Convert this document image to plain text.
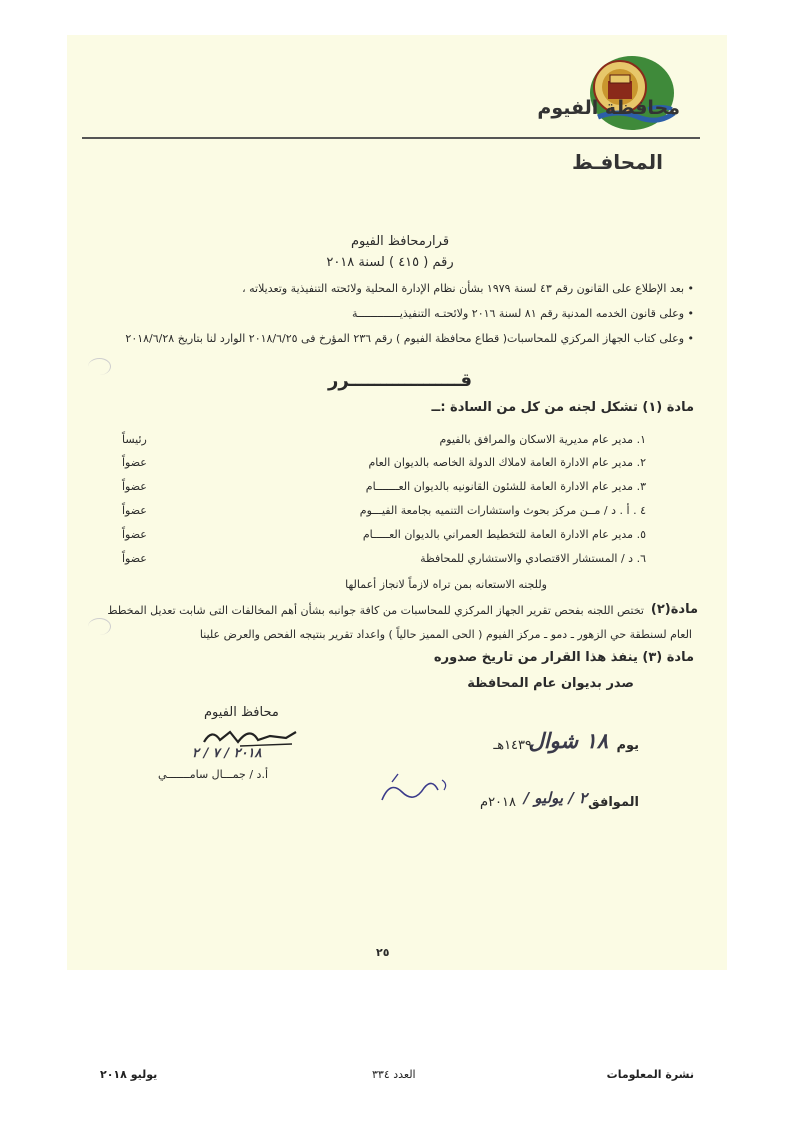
محافظة الفيوم
المحافـظ
قرارمحافظ الفيوم
رقم ( ٤١٥ ) لسنة ٢٠١٨
• بعد الإطلاع على القانون رقم ٤٣ لسنة ١٩٧٩ بشأن نظام الإدارة المحلية ولائحته التنفيذية وتعديلاته ،
• وعلى قانون الخدمه المدنية رقم ٨١ لسنة ٢٠١٦ ولائحتـه التنفيذيـــــــــــــة
• وعلى كتاب الجهاز المركزي للمحاسبات( قطاع محافظة الفيوم ) رقم ٢٣٦ المؤرخ فى ٢٠١٨/٦/٢٥ الوارد لنا بتاريخ ٢٠١٨/٦/٢٨
قــــــــــــــــــرر
مادة (١) تشكل لجنه من كل من السادة :ــ
١. مدير عام مديرية الاسكان والمرافق بالفيوم
رئيساً
٢. مدير عام الادارة العامة لاملاك الدولة الخاصه بالديوان العام
عضواً
٣. مدير عام الادارة العامة للشئون القانونيه بالديوان العـــــــام
عضواً
٤ . أ . د / مــن مركز بحوث واستشارات التنميه بجامعة الفيـــوم
عضواً
٥. مدير عام الادارة العامة للتخطيط العمراني بالديوان العـــــام
عضواً
٦. د / المستشار الاقتصادي والاستشاري للمحافظة
عضواً
وللجنه الاستعانه بمن تراه لازماً لانجاز أعمالها
مادة(٢)
تختص اللجنه بفحص تقرير الجهاز المركزي للمحاسبات من كافة جوانبه بشأن أهم المخالفات التى شابت تعديل المخطط
العام لسنطقة حي الزهور ـ دمو ـ مركز الفيوم ( الحى المميز حالياً ) واعداد تقرير بنتيجه الفحص والعرض علينا
مادة (٣) ينفذ هذا القرار من تاريخ صدوره
صدر بديوان عام المحافظة
يوم
١٨ شوال
١٤٣٩هـ
الموافق
٢ / يوليو /
٢٠١٨م
محافظ الفيوم
٢٠١٨ / ٧ / ٢
أ.د / جمـــال سامـــــــي
٢٥
يوليو ٢٠١٨	العدد ٣٣٤	نشرة المعلومات
